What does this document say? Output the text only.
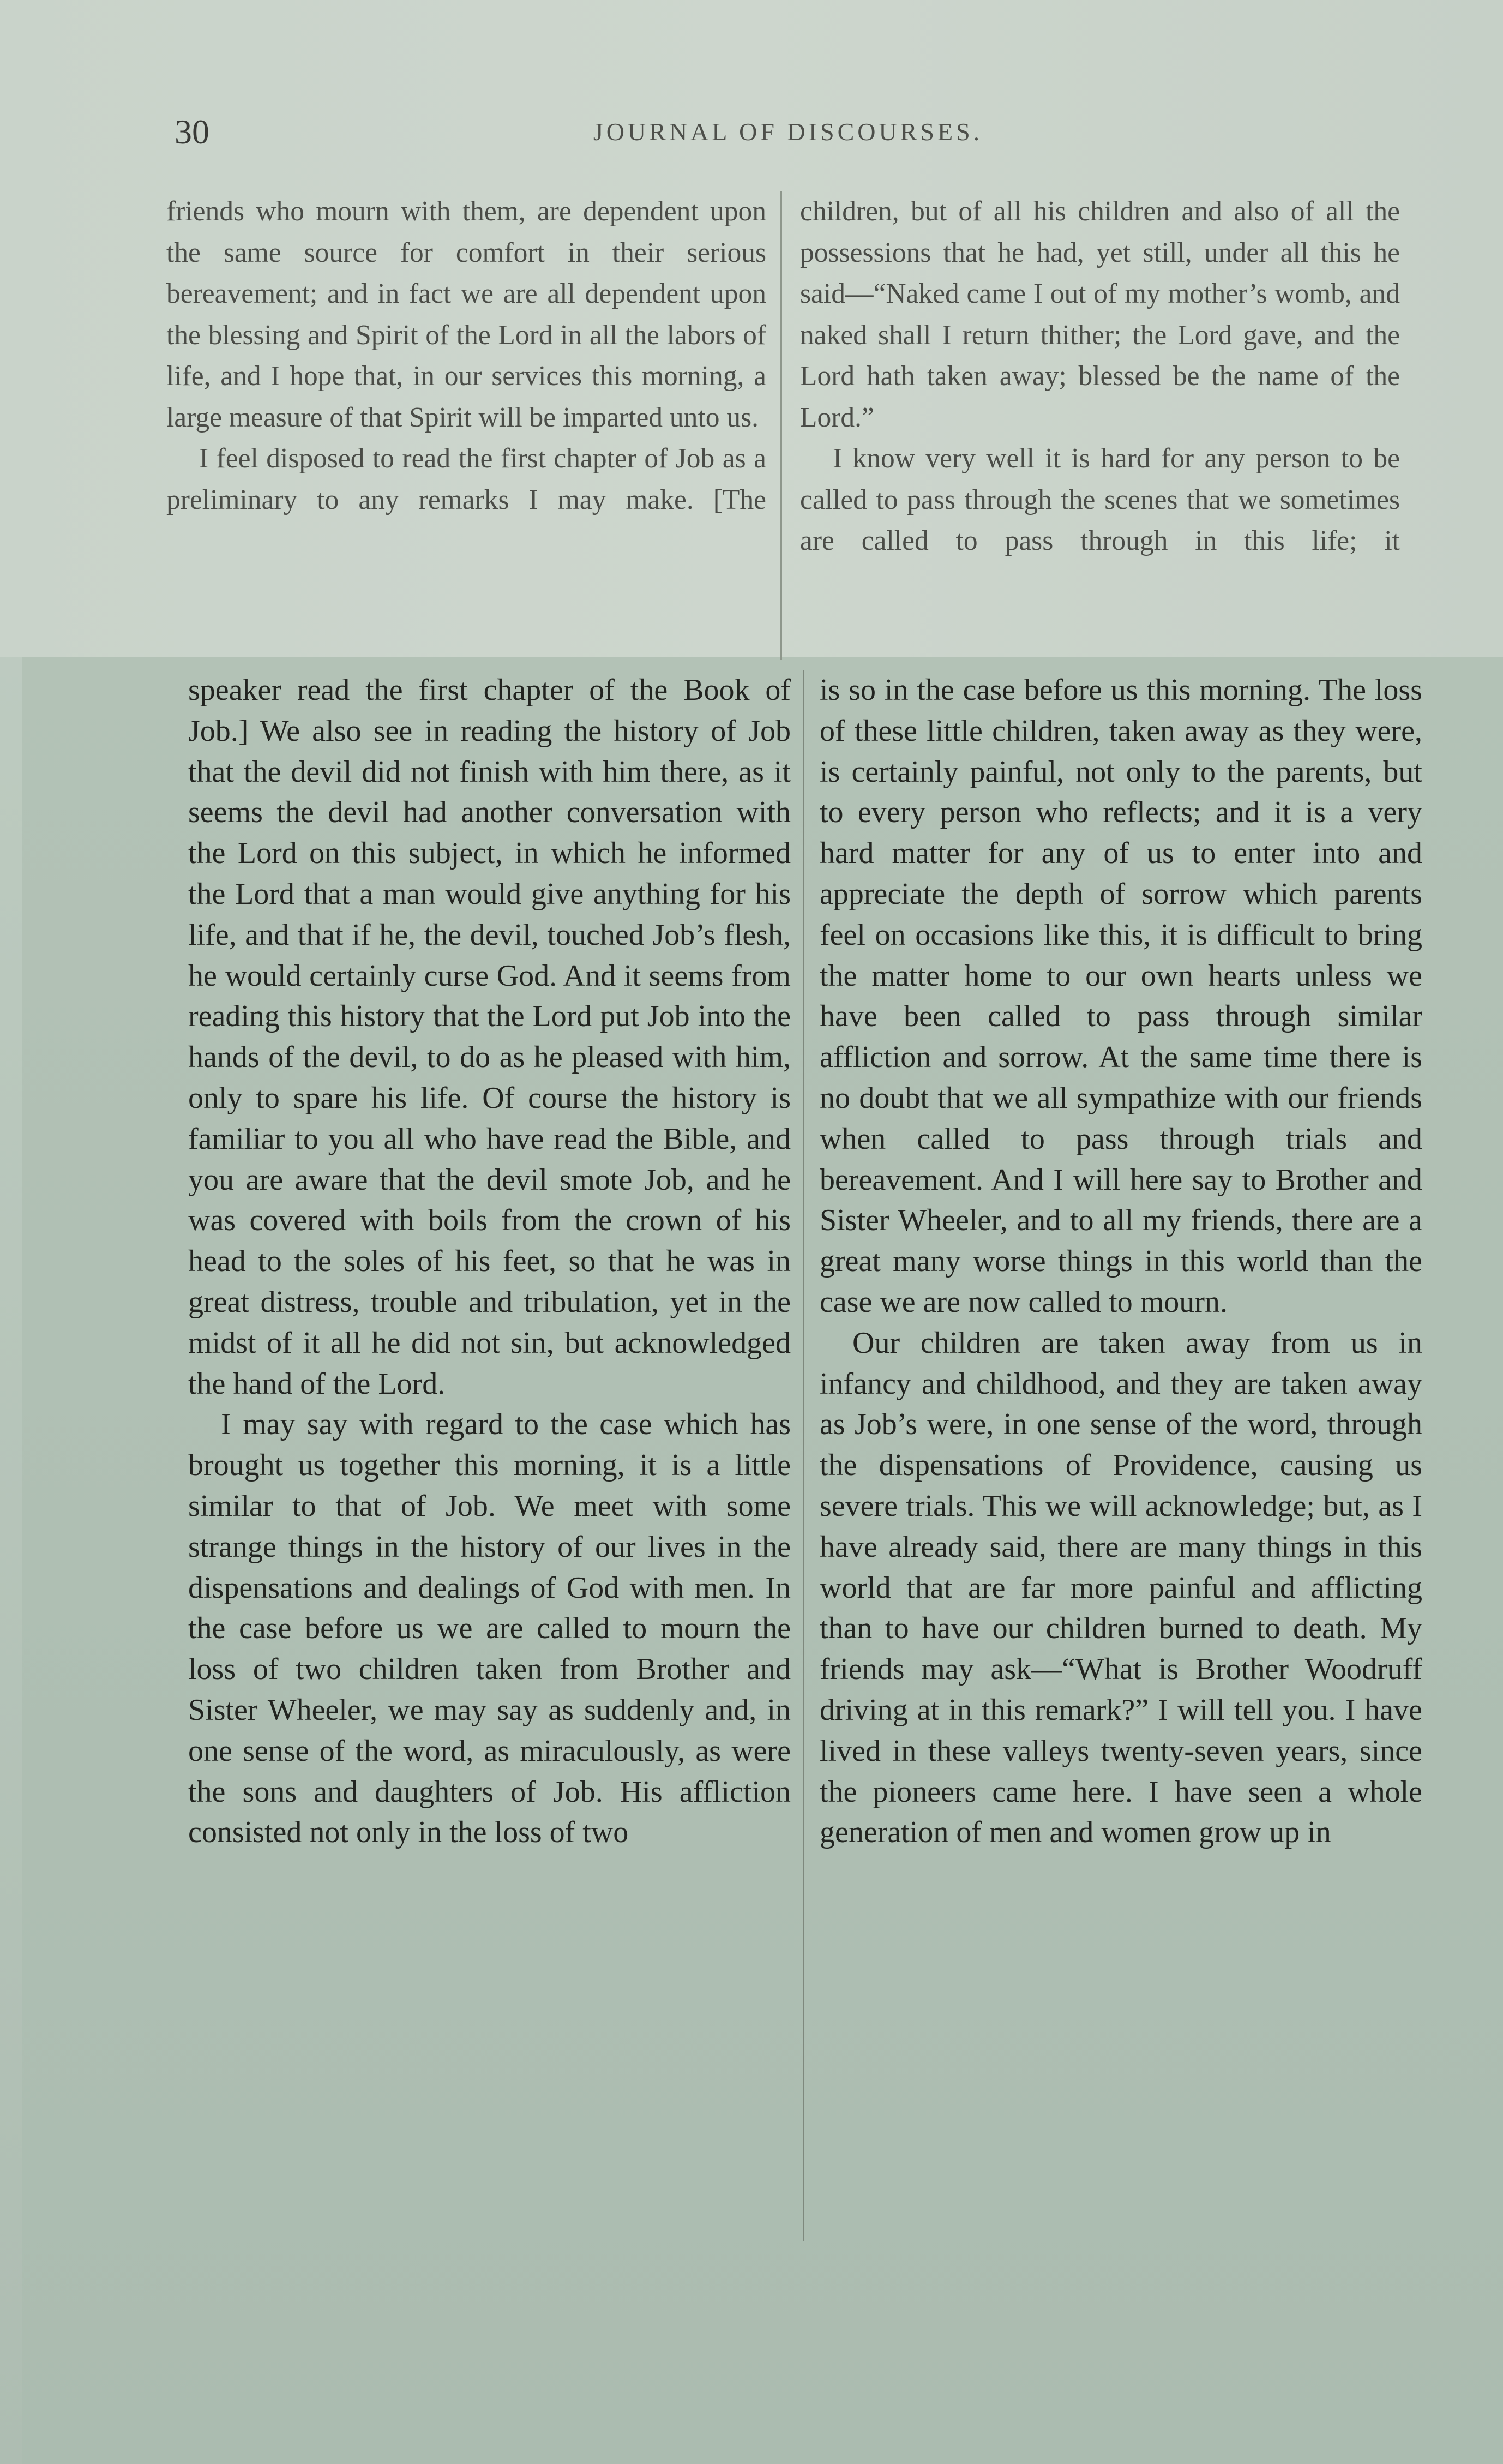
30	JOURNAL OF DISCOURSES.

friends who mourn with them, are dependent upon the same source for comfort in their serious bereavement; and in fact we are all dependent upon the blessing and Spirit of the Lord in all the labors of life, and I hope that, in our services this morning, a large measure of that Spirit will be imparted unto us.

I feel disposed to read the first chapter of Job as a preliminary to any remarks I may make. [The

children, but of all his children and also of all the possessions that he had, yet still, under all this he said—“Naked came I out of my mother’s womb, and naked shall I return thither; the Lord gave, and the Lord hath taken away; blessed be the name of the Lord.”

I know very well it is hard for any person to be called to pass through the scenes that we sometimes are called to pass through in this life; it

speaker read the first chapter of the Book of Job.] We also see in reading the history of Job that the devil did not finish with him there, as it seems the devil had another conversation with the Lord on this subject, in which he informed the Lord that a man would give anything for his life, and that if he, the devil, touched Job’s flesh, he would certainly curse God. And it seems from reading this history that the Lord put Job into the hands of the devil, to do as he pleased with him, only to spare his life. Of course the history is familiar to you all who have read the Bible, and you are aware that the devil smote Job, and he was covered with boils from the crown of his head to the soles of his feet, so that he was in great distress, trouble and tribulation, yet in the midst of it all he did not sin, but acknowledged the hand of the Lord.

I may say with regard to the case which has brought us together this morning, it is a little similar to that of Job. We meet with some strange things in the history of our lives in the dispensations and dealings of God with men. In the case before us we are called to mourn the loss of two children taken from Brother and Sister Wheeler, we may say as suddenly and, in one sense of the word, as miraculously, as were the sons and daughters of Job. His affliction consisted not only in the loss of two

is so in the case before us this morning. The loss of these little children, taken away as they were, is certainly painful, not only to the parents, but to every person who reflects; and it is a very hard matter for any of us to enter into and appreciate the depth of sorrow which parents feel on occasions like this, it is difficult to bring the matter home to our own hearts unless we have been called to pass through similar affliction and sorrow. At the same time there is no doubt that we all sympathize with our friends when called to pass through trials and bereavement. And I will here say to Brother and Sister Wheeler, and to all my friends, there are a great many worse things in this world than the case we are now called to mourn.

Our children are taken away from us in infancy and childhood, and they are taken away as Job’s were, in one sense of the word, through the dispensations of Providence, causing us severe trials. This we will acknowledge; but, as I have already said, there are many things in this world that are far more painful and afflicting than to have our children burned to death. My friends may ask—“What is Brother Woodruff driving at in this remark?” I will tell you. I have lived in these valleys twenty-seven years, since the pioneers came here. I have seen a whole generation of men and women grow up in
